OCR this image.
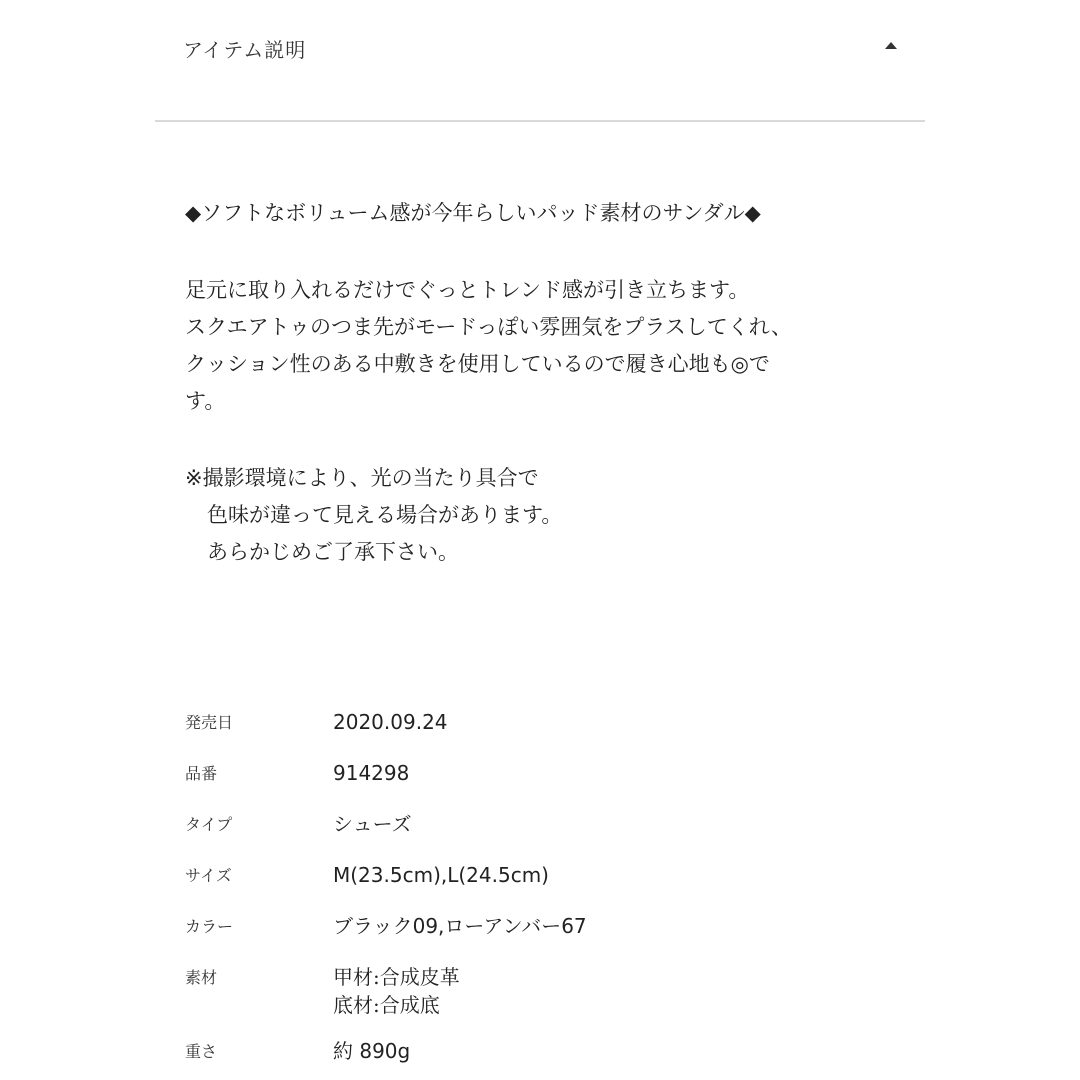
アイテム説明

◆ソフトなボリューム感が今年らしいパッド素材のサンダル◆

足元に取り入れるだけでぐっとトレンド感が引き立ちます。

スクエアトゥのつま先がモードっぽい雰囲気をプラスしてくれ、

クッション性のある中敷きを使用しているので履き心地も◎で

す。

※撮影環境により、光の当たり具合で

色味が違って見える場合があります。

あらかじめご了承下さい。

発売日	2020.09.24
品番	914298
タイプ	シューズ
サイズ	M(23.5cm),L(24.5cm)
カラー	ブラック09,ローアンバー67
素材	甲材:合成皮革
底材:合成底
重さ	約 890g
